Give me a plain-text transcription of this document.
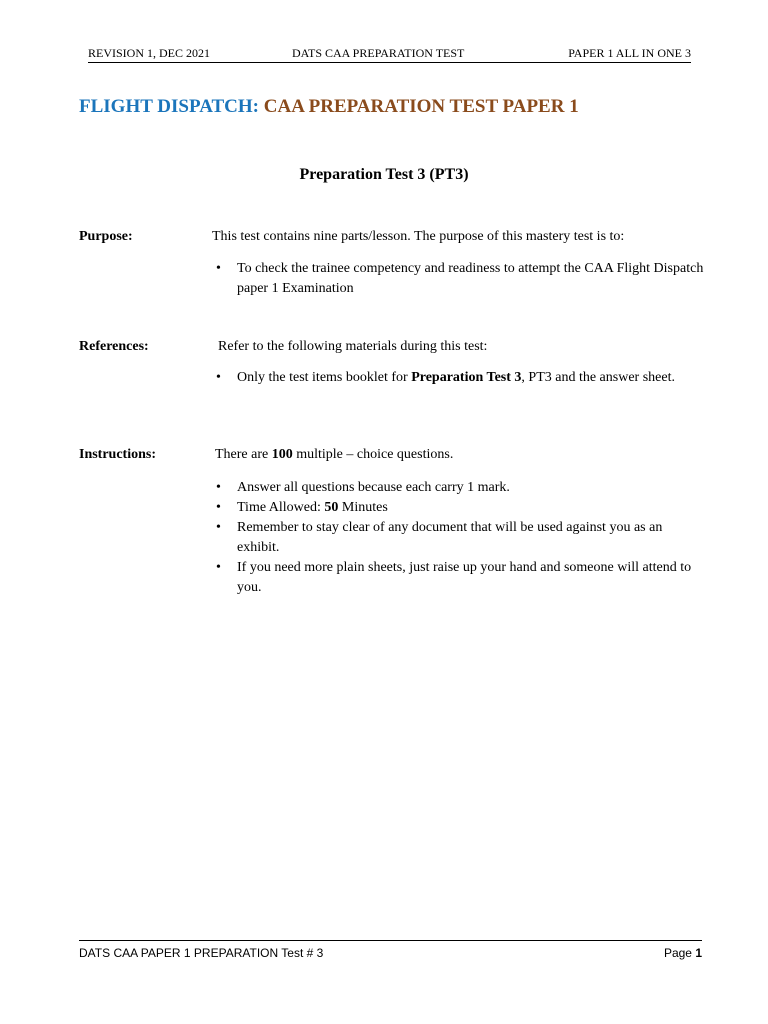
REVISION 1, DEC 2021	DATS CAA PREPARATION TEST	PAPER 1 ALL IN ONE 3
FLIGHT DISPATCH: CAA PREPARATION TEST PAPER 1
Preparation Test 3 (PT3)
Purpose:	This test contains nine parts/lesson. The purpose of this mastery test is to:
• To check the trainee competency and readiness to attempt the CAA Flight Dispatch paper 1 Examination
References:	Refer to the following materials during this test:
• Only the test items booklet for Preparation Test 3, PT3 and the answer sheet.
Instructions:	There are 100 multiple – choice questions.
• Answer all questions because each carry 1 mark.
• Time Allowed: 50 Minutes
• Remember to stay clear of any document that will be used against you as an exhibit.
• If you need more plain sheets, just raise up your hand and someone will attend to you.
DATS CAA PAPER 1 PREPARATION Test # 3	Page 1
